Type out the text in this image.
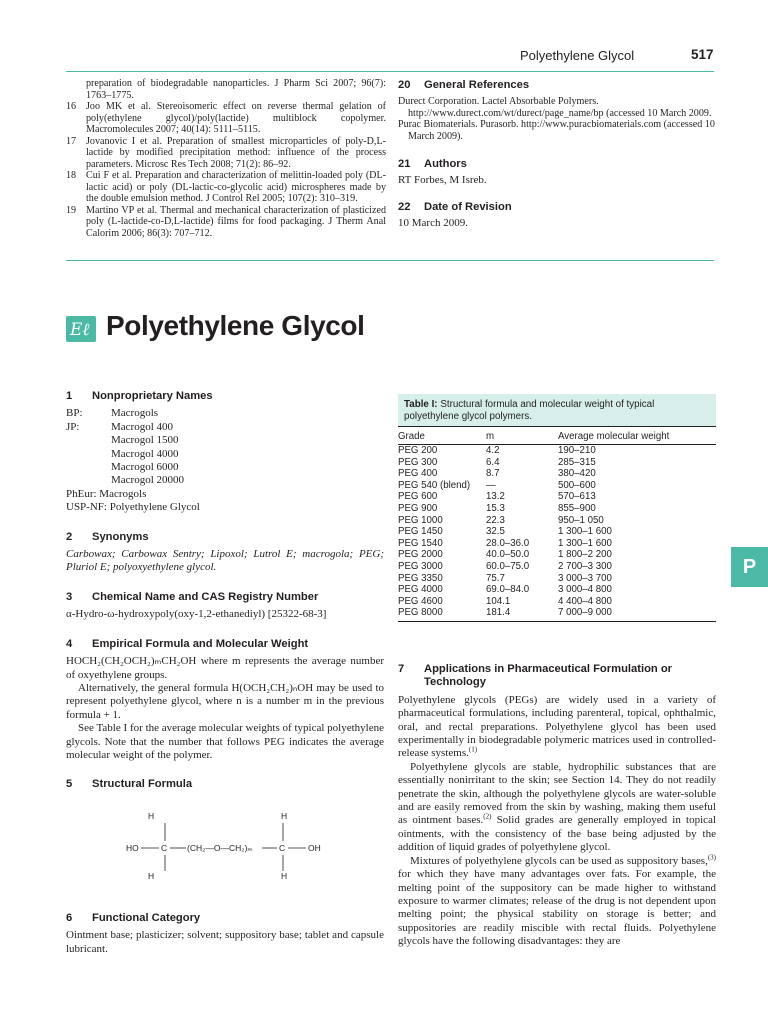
Polyethylene Glycol	517
preparation of biodegradable nanoparticles. J Pharm Sci 2007; 96(7): 1763–1775.
16 Joo MK et al. Stereoisomeric effect on reverse thermal gelation of poly(ethylene glycol)/poly(lactide) multiblock copolymer. Macromolecules 2007; 40(14): 5111–5115.
17 Jovanovic I et al. Preparation of smallest microparticles of poly-D,L-lactide by modified precipitation method: influence of the process parameters. Microsc Res Tech 2008; 71(2): 86–92.
18 Cui F et al. Preparation and characterization of melittin-loaded poly (DL-lactic acid) or poly (DL-lactic-co-glycolic acid) microspheres made by the double emulsion method. J Control Rel 2005; 107(2): 310–319.
19 Martino VP et al. Thermal and mechanical characterization of plasticized poly (L-lactide-co-D,L-lactide) films for food packaging. J Therm Anal Calorim 2006; 86(3): 707–712.
20 General References
Durect Corporation. Lactel Absorbable Polymers. http://www.durect.com/wt/durect/page_name/bp (accessed 10 March 2009.
Purac Biomaterials. Purasorb. http://www.puracbiomaterials.com (accessed 10 March 2009).
21 Authors
RT Forbes, M Isreb.
22 Date of Revision
10 March 2009.
Eℓ Polyethylene Glycol
1 Nonproprietary Names
BP:	Macrogols
JP:	Macrogol 400
Macrogol 1500
Macrogol 4000
Macrogol 6000
Macrogol 20000
PhEur: Macrogols
USP-NF: Polyethylene Glycol
2 Synonyms
Carbowax; Carbowax Sentry; Lipoxol; Lutrol E; macrogola; PEG; Pluriol E; polyoxyethylene glycol.
3 Chemical Name and CAS Registry Number
α-Hydro-ω-hydroxypoly(oxy-1,2-ethanediyl) [25322-68-3]
4 Empirical Formula and Molecular Weight
HOCH₂(CH₂OCH₂)ₘCH₂OH where m represents the average number of oxyethylene groups.
Alternatively, the general formula H(OCH₂CH₂)ₙOH may be used to represent polyethylene glycol, where n is a number m in the previous formula + 1.
See Table I for the average molecular weights of typical polyethylene glycols. Note that the number that follows PEG indicates the average molecular weight of the polymer.
5 Structural Formula
H	H
HO	C (CH₂—O—CH₂)ₘ	C	OH
H	H
6 Functional Category
Ointment base; plasticizer; solvent; suppository base; tablet and capsule lubricant.
Table I: Structural formula and molecular weight of typical polyethylene glycol polymers.
Grade	m	Average molecular weight
PEG 200	4.2	190–210
PEG 300	6.4	285–315
PEG 400	8.7	380–420
PEG 540 (blend)	—	500–600
PEG 600	13.2	570–613
PEG 900	15.3	855–900
PEG 1000	22.3	950–1 050
PEG 1450	32.5	1 300–1 600
PEG 1540	28.0–36.0	1 300–1 600
PEG 2000	40.0–50.0	1 800–2 200
PEG 3000	60.0–75.0	2 700–3 300
PEG 3350	75.7	3 000–3 700
PEG 4000	69.0–84.0	3 000–4 800
PEG 4600	104.1	4 400–4 800
PEG 8000	181.4	7 000–9 000
P
7	Applications in Pharmaceutical Formulation or Technology
Polyethylene glycols (PEGs) are widely used in a variety of pharmaceutical formulations, including parenteral, topical, ophthalmic, oral, and rectal preparations. Polyethylene glycol has been used experimentally in biodegradable polymeric matrices used in controlled-release systems.$^{(1)}$
Polyethylene glycols are stable, hydrophilic substances that are essentially nonirritant to the skin; see Section 14. They do not readily penetrate the skin, although the polyethylene glycols are water-soluble and are easily removed from the skin by washing, making them useful as ointment bases.$^{(2)}$ Solid grades are generally employed in topical ointments, with the consistency of the base being adjusted by the addition of liquid grades of polyethylene glycol.
Mixtures of polyethylene glycols can be used as suppository bases,$^{(3)}$ for which they have many advantages over fats. For example, the melting point of the suppository can be made higher to withstand exposure to warmer climates; release of the drug is not dependent upon melting point; the physical stability on storage is better; and suppositories are readily miscible with rectal fluids. Polyethylene glycols have the following disadvantages: they are
